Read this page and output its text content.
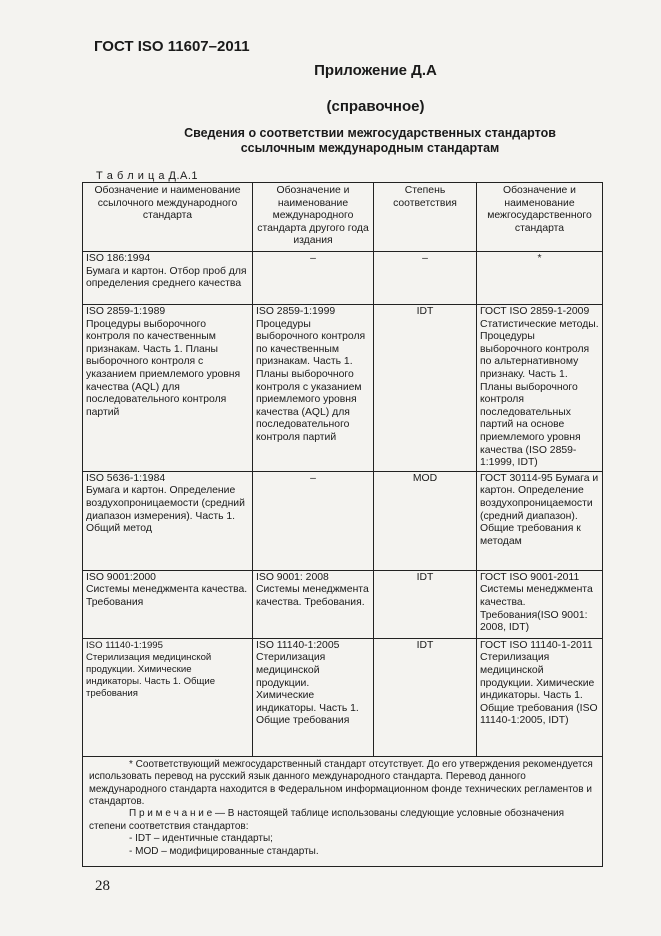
ГОСТ ISO 11607–2011
Приложение Д.А
(справочное)
Сведения о соответствии межгосударственных стандартов
ссылочным международным стандартам
Т а б л и ц а Д.А.1
Обозначение и наименование ссылочного международного стандарта	Обозначение и наименование международного стандарта другого года издания	Степень соответствия	Обозначение и наименование межгосударственного стандарта

ISO 186:1994
Бумага и картон. Отбор проб для определения среднего качества	–	–	*

ISO 2859-1:1989
Процедуры выборочного контроля по качественным признакам. Часть 1. Планы выборочного контроля с указанием приемлемого уровня качества (AQL) для последовательного контроля партий	ISO 2859-1:1999 Процедуры выборочного контроля по качественным признакам. Часть 1. Планы выборочного контроля с указанием приемлемого уровня качества (AQL) для последовательного контроля партий	IDT	ГОСТ ISO 2859-1-2009 Статистические методы. Процедуры выборочного контроля по альтернативному признаку. Часть 1. Планы выборочного контроля последовательных партий на основе приемлемого уровня качества (ISO 2859-1:1999, IDT)

ISO 5636-1:1984
Бумага и картон. Определение воздухопроницаемости (средний диапазон измерения). Часть 1. Общий метод	–	MOD	ГОСТ 30114-95 Бумага и картон. Определение воздухопроницаемости (средний диапазон). Общие требования к методам

ISO 9001:2000
Системы менеджмента качества. Требования	ISO 9001: 2008 Системы менеджмента качества. Требования.	IDT	ГОСТ ISO 9001-2011 Системы менеджмента качества. Требования(ISO 9001: 2008, IDT)

ISO 11140-1:1995
Стерилизация медицинской продукции. Химические индикаторы. Часть 1. Общие требования	ISO 11140-1:2005 Стерилизация медицинской продукции. Химические индикаторы. Часть 1. Общие требования	IDT	ГОСТ ISO 11140-1-2011 Стерилизация медицинской продукции. Химические индикаторы. Часть 1. Общие требования (ISO 11140-1:2005, IDT)

* Соответствующий межгосударственный стандарт отсутствует. До его утверждения рекомендуется использовать перевод на русский язык данного международного стандарта. Перевод данного международного стандарта находится в Федеральном информационном фонде технических регламентов и стандартов.
П р и м е ч а н и е — В настоящей таблице использованы следующие условные обозначения степени соответствия стандартов:
- IDT – идентичные стандарты;
- MOD – модифицированные стандарты.			
28
